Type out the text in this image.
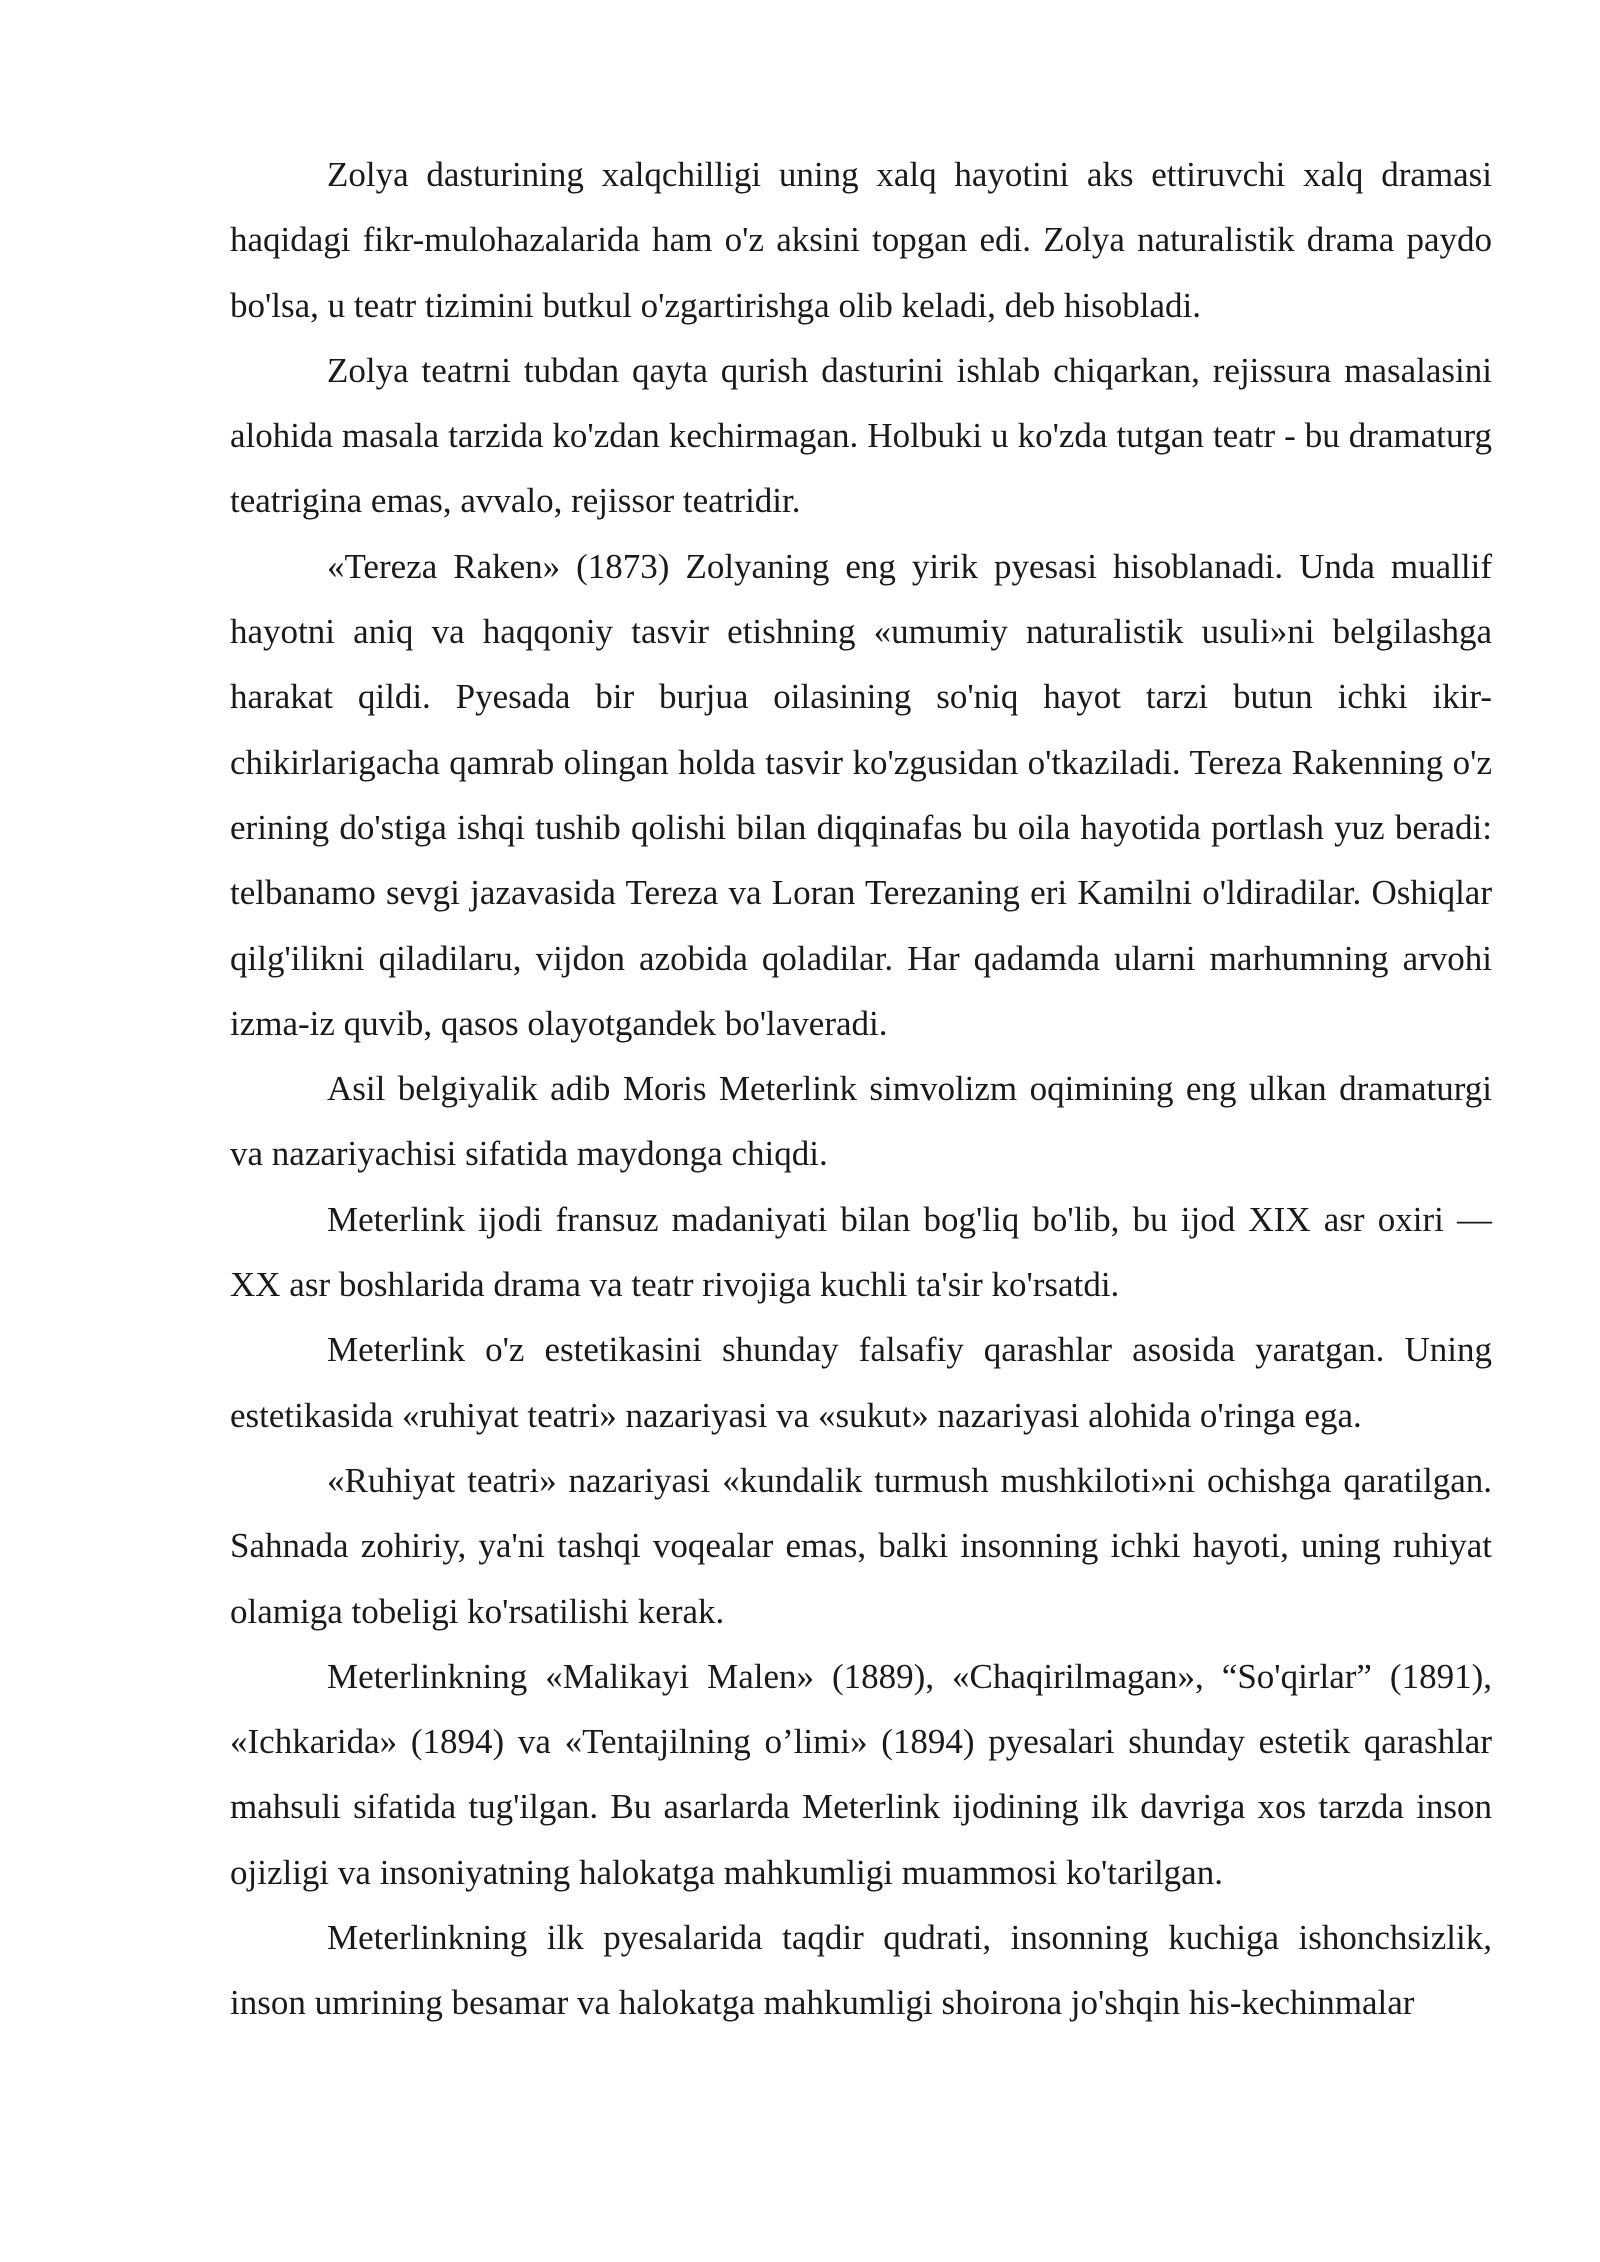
Zolya dasturining xalqchilligi uning xalq hayotini aks ettiruvchi xalq dramasi haqidagi fikr-mulohazalarida ham o'z aksini topgan edi. Zolya naturalistik drama paydo bo'lsa, u teatr tizimini butkul o'zgartirishga olib keladi, deb hisobladi.

Zolya teatrni tubdan qayta qurish dasturini ishlab chiqarkan, rejissura masalasini alohida masala tarzida ko'zdan kechirmagan. Holbuki u ko'zda tutgan teatr - bu dramaturg teatrigina emas, avvalo, rejissor teatridir.

«Tereza Raken» (1873) Zolyaning eng yirik pyesasi hisoblanadi. Unda muallif hayotni aniq va haqqoniy tasvir etishning «umumiy naturalistik usuli»ni belgilashga harakat qildi. Pyesada bir burjua oilasining so'niq hayot tarzi butun ichki ikir-chikirlarigacha qamrab olingan holda tasvir ko'zgusidan o'tkaziladi. Tereza Rakenning o'z erining do'stiga ishqi tushib qolishi bilan diqqinafas bu oila hayotida portlash yuz beradi: telbanamo sevgi jazavasida Tereza va Loran Terezaning eri Kamilni o'ldiradilar. Oshiqlar qilg'ilikni qiladilaru, vijdon azobida qoladilar. Har qadamda ularni marhumning arvohi izma-iz quvib, qasos olayotgandek bo'laveradi.

Asil belgiyalik adib Moris Meterlink simvolizm oqimining eng ulkan dramaturgi va nazariyachisi sifatida maydonga chiqdi.

Meterlink ijodi fransuz madaniyati bilan bog'liq bo'lib, bu ijod XIX asr oxiri — XX asr boshlarida drama va teatr rivojiga kuchli ta'sir ko'rsatdi.

Meterlink o'z estetikasini shunday falsafiy qarashlar asosida yaratgan. Uning estetikasida «ruhiyat teatri» nazariyasi va «sukut» nazariyasi alohida o'ringa ega.

«Ruhiyat teatri» nazariyasi «kundalik turmush mushkiloti»ni ochishga qaratilgan. Sahnada zohiriy, ya'ni tashqi voqealar emas, balki insonning ichki hayoti, uning ruhiyat olamiga tobeligi ko'rsatilishi kerak.

Meterlinkning «Malikayi Malen» (1889), «Chaqirilmagan», “So'qirlar” (1891), «Ichkarida» (1894) va «Tentajilning o’limi» (1894) pyesalari shunday estetik qarashlar mahsuli sifatida tug'ilgan. Bu asarlarda Meterlink ijodining ilk davriga xos tarzda inson ojizligi va insoniyatning halokatga mahkumligi muammosi ko'tarilgan.

Meterlinkning ilk pyesalarida taqdir qudrati, insonning kuchiga ishonchsizlik, inson umrining besamar va halokatga mahkumligi shoirona jo'shqin his-kechinmalar
